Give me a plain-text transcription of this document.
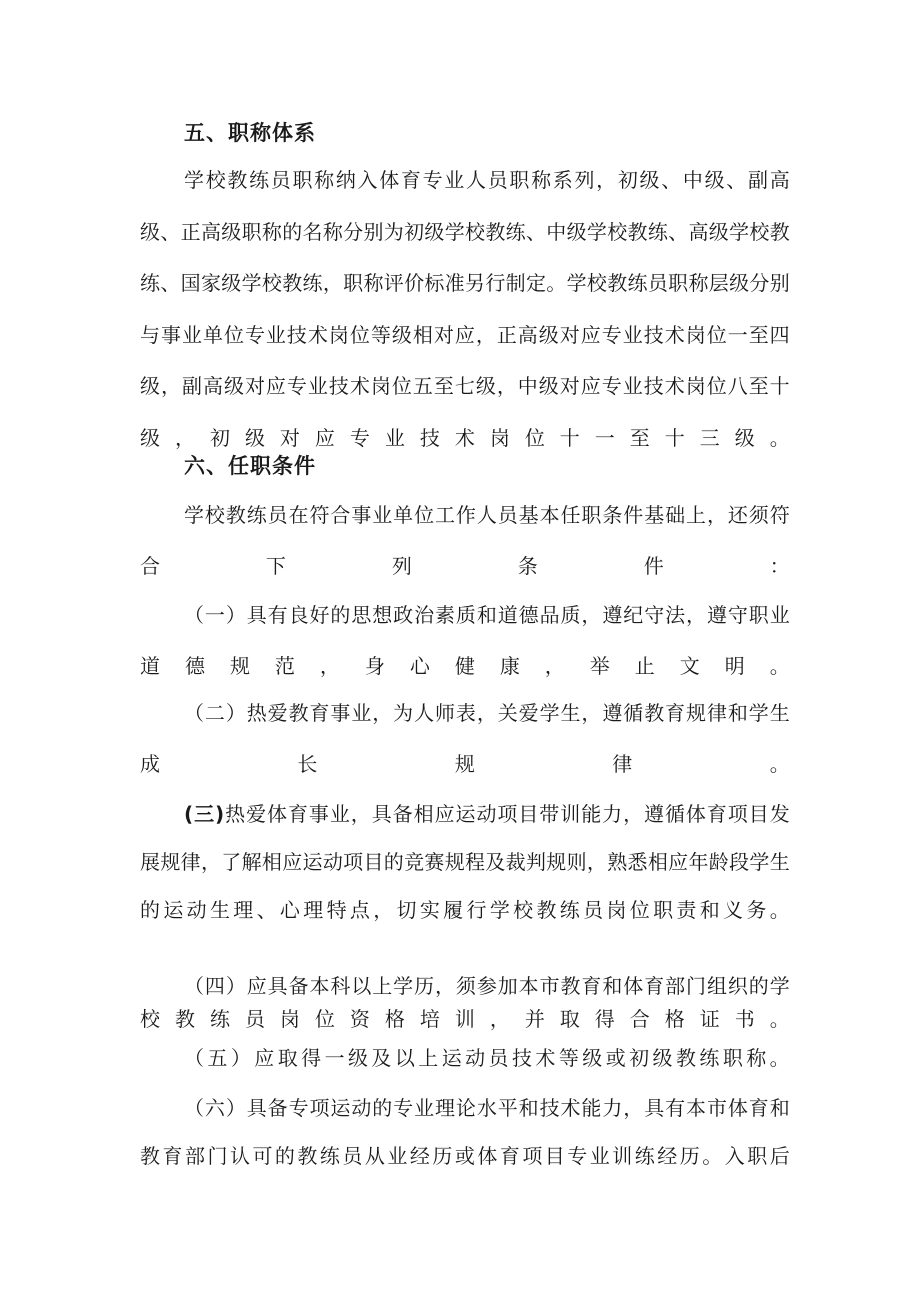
五、职称体系

学校教练员职称纳入体育专业人员职称系列，初级、中级、副高级、正高级职称的名称分别为初级学校教练、中级学校教练、高级学校教练、国家级学校教练，职称评价标准另行制定。学校教练员职称层级分别与事业单位专业技术岗位等级相对应，正高级对应专业技术岗位一至四级，副高级对应专业技术岗位五至七级，中级对应专业技术岗位八至十级，初级对应专业技术岗位十一至十三级。

六、任职条件

学校教练员在符合事业单位工作人员基本任职条件基础上，还须符合下列条件：

（一）具有良好的思想政治素质和道德品质，遵纪守法，遵守职业道德规范，身心健康，举止文明。

（二）热爱教育事业，为人师表，关爱学生，遵循教育规律和学生成长规律。

(三)热爱体育事业，具备相应运动项目带训能力，遵循体育项目发展规律，了解相应运动项目的竞赛规程及裁判规则，熟悉相应年龄段学生的运动生理、心理特点，切实履行学校教练员岗位职责和义务。

（四）应具备本科以上学历，须参加本市教育和体育部门组织的学校教练员岗位资格培训，并取得合格证书。

（五）应取得一级及以上运动员技术等级或初级教练职称。

（六）具备专项运动的专业理论水平和技术能力，具有本市体育和教育部门认可的教练员从业经历或体育项目专业训练经历。入职后
